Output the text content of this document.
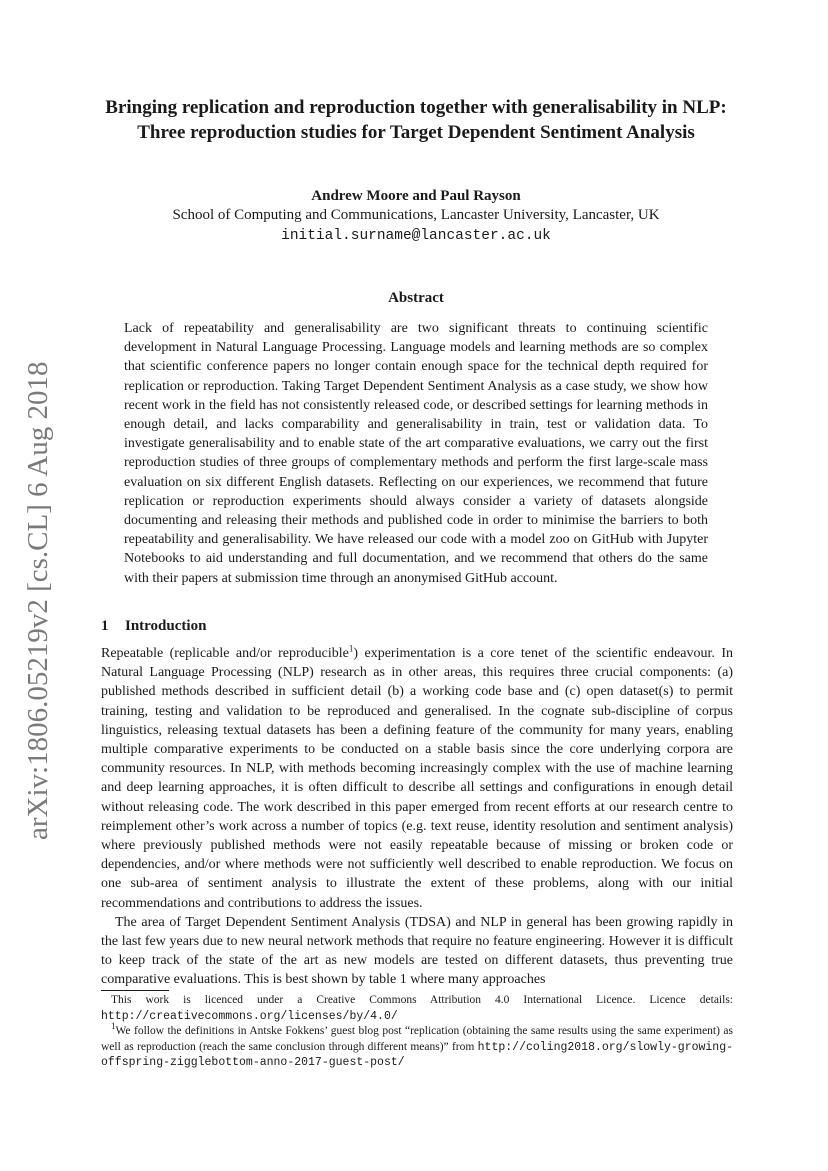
arXiv:1806.05219v2 [cs.CL] 6 Aug 2018
Bringing replication and reproduction together with generalisability in NLP: Three reproduction studies for Target Dependent Sentiment Analysis
Andrew Moore and Paul Rayson
School of Computing and Communications, Lancaster University, Lancaster, UK
initial.surname@lancaster.ac.uk
Abstract
Lack of repeatability and generalisability are two significant threats to continuing scientific development in Natural Language Processing. Language models and learning methods are so complex that scientific conference papers no longer contain enough space for the technical depth required for replication or reproduction. Taking Target Dependent Sentiment Analysis as a case study, we show how recent work in the field has not consistently released code, or described settings for learning methods in enough detail, and lacks comparability and generalisability in train, test or validation data. To investigate generalisability and to enable state of the art comparative evaluations, we carry out the first reproduction studies of three groups of complementary methods and perform the first large-scale mass evaluation on six different English datasets. Reflecting on our experiences, we recommend that future replication or reproduction experiments should always consider a variety of datasets alongside documenting and releasing their methods and published code in order to minimise the barriers to both repeatability and generalisability. We have released our code with a model zoo on GitHub with Jupyter Notebooks to aid understanding and full documentation, and we recommend that others do the same with their papers at submission time through an anonymised GitHub account.
1 Introduction

Repeatable (replicable and/or reproducible$^1$) experimentation is a core tenet of the scientific endeavour. In Natural Language Processing (NLP) research as in other areas, this requires three crucial components: (a) published methods described in sufficient detail (b) a working code base and (c) open dataset(s) to permit training, testing and validation to be reproduced and generalised. In the cognate sub-discipline of corpus linguistics, releasing textual datasets has been a defining feature of the community for many years, enabling multiple comparative experiments to be conducted on a stable basis since the core underlying corpora are community resources. In NLP, with methods becoming increasingly complex with the use of machine learning and deep learning approaches, it is often difficult to describe all settings and configurations in enough detail without releasing code. The work described in this paper emerged from recent efforts at our research centre to reimplement other’s work across a number of topics (e.g. text reuse, identity resolution and sentiment analysis) where previously published methods were not easily repeatable because of missing or broken code or dependencies, and/or where methods were not sufficiently well described to enable reproduction. We focus on one sub-area of sentiment analysis to illustrate the extent of these problems, along with our initial recommendations and contributions to address the issues.

The area of Target Dependent Sentiment Analysis (TDSA) and NLP in general has been growing rapidly in the last few years due to new neural network methods that require no feature engineering. However it is difficult to keep track of the state of the art as new models are tested on different datasets, thus preventing true comparative evaluations. This is best shown by table 1 where many approaches

This work is licenced under a Creative Commons Attribution 4.0 International Licence. Licence details: http://creativecommons.org/licenses/by/4.0/

$^1$We follow the definitions in Antske Fokkens’ guest blog post “replication (obtaining the same results using the same experiment) as well as reproduction (reach the same conclusion through different means)” from http://coling2018.org/slowly-growing-offspring-zigglebottom-anno-2017-guest-post/
